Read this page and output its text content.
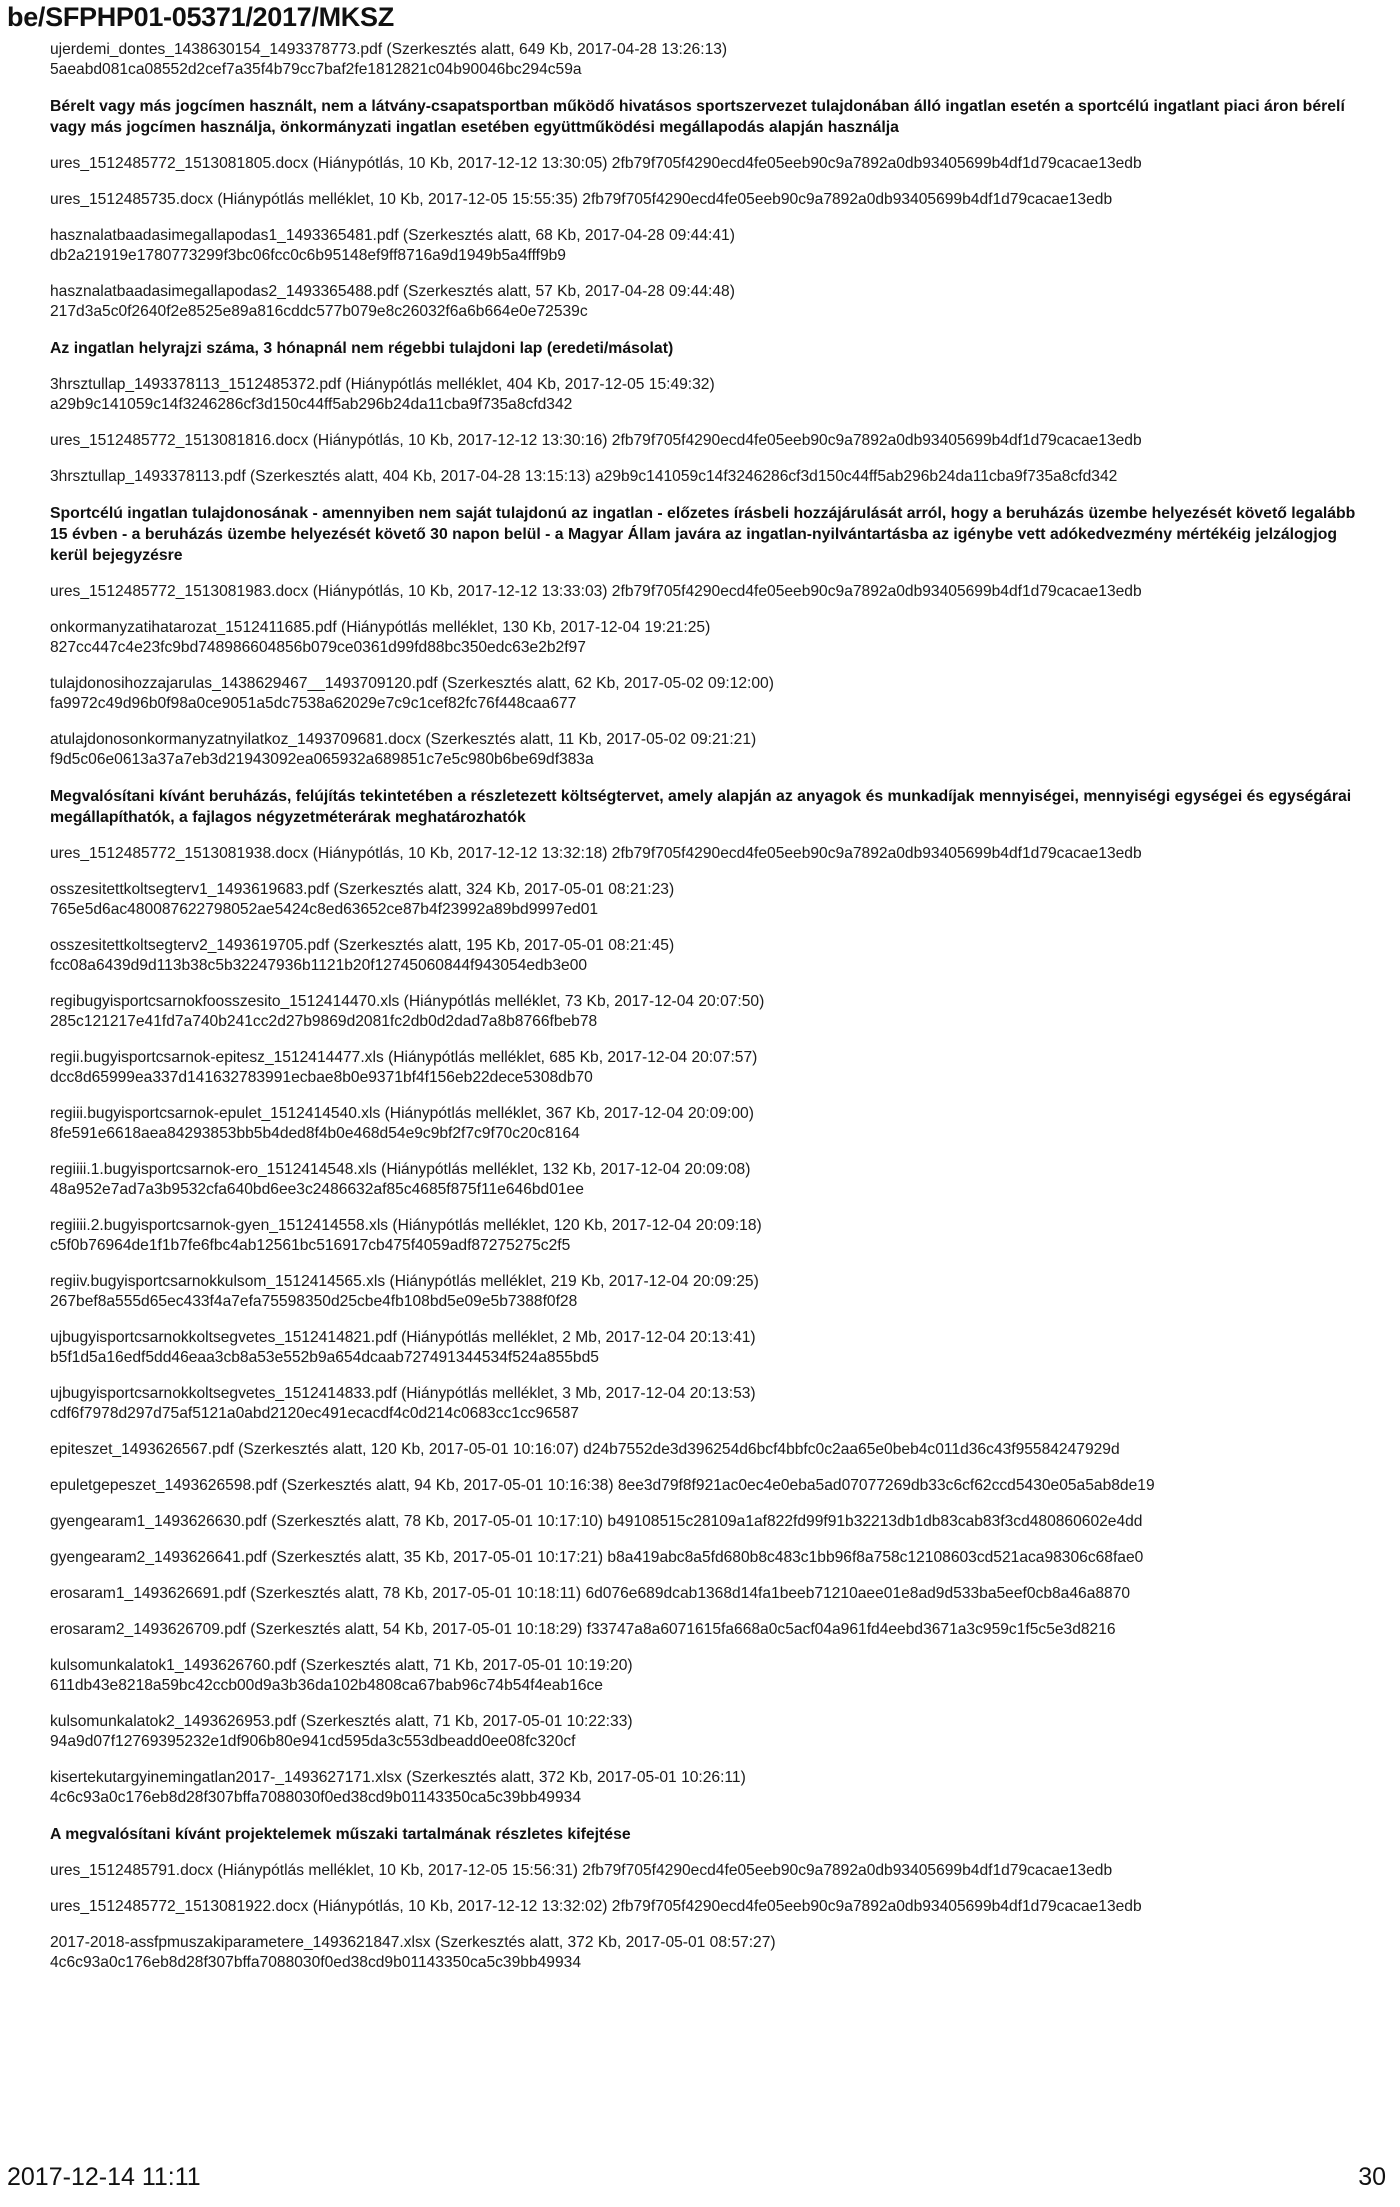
be/SFPHP01-05371/2017/MKSZ
ujerdemi_dontes_1438630154_1493378773.pdf (Szerkesztés alatt, 649 Kb, 2017-04-28 13:26:13)
5aeabd081ca08552d2cef7a35f4b79cc7baf2fe1812821c04b90046bc294c59a
Bérelt vagy más jogcímen használt, nem a látvány-csapatsportban működő hivatásos sportszervezet tulajdonában álló ingatlan esetén a sportcélú ingatlant piaci áron bérelí vagy más jogcímen használja, önkormányzati ingatlan esetében együttműködési megállapodás alapján használja
ures_1512485772_1513081805.docx (Hiánypótlás, 10 Kb, 2017-12-12 13:30:05) 2fb79f705f4290ecd4fe05eeb90c9a7892a0db93405699b4df1d79cacae13edb
ures_1512485735.docx (Hiánypótlás melléklet, 10 Kb, 2017-12-05 15:55:35) 2fb79f705f4290ecd4fe05eeb90c9a7892a0db93405699b4df1d79cacae13edb
hasznalatbaadasimegallapodas1_1493365481.pdf (Szerkesztés alatt, 68 Kb, 2017-04-28 09:44:41)
db2a21919e1780773299f3bc06fcc0c6b95148ef9ff8716a9d1949b5a4fff9b9
hasznalatbaadasimegallapodas2_1493365488.pdf (Szerkesztés alatt, 57 Kb, 2017-04-28 09:44:48)
217d3a5c0f2640f2e8525e89a816cddc577b079e8c26032f6a6b664e0e72539c
Az ingatlan helyrajzi száma, 3 hónapnál nem régebbi tulajdoni lap (eredeti/másolat)
3hrsztullap_1493378113_1512485372.pdf (Hiánypótlás melléklet, 404 Kb, 2017-12-05 15:49:32)
a29b9c141059c14f3246286cf3d150c44ff5ab296b24da11cba9f735a8cfd342
ures_1512485772_1513081816.docx (Hiánypótlás, 10 Kb, 2017-12-12 13:30:16) 2fb79f705f4290ecd4fe05eeb90c9a7892a0db93405699b4df1d79cacae13edb
3hrsztullap_1493378113.pdf (Szerkesztés alatt, 404 Kb, 2017-04-28 13:15:13) a29b9c141059c14f3246286cf3d150c44ff5ab296b24da11cba9f735a8cfd342
Sportcélú ingatlan tulajdonosának - amennyiben nem saját tulajdonú az ingatlan - előzetes írásbeli hozzájárulását arról, hogy a beruházás üzembe helyezését követő legalább 15 évben - a beruházás üzembe helyezését követő 30 napon belül - a Magyar Állam javára az ingatlan-nyilvántartásba az igénybe vett adókedvezmény mértékéig jelzálogjog kerül bejegyzésre
ures_1512485772_1513081983.docx (Hiánypótlás, 10 Kb, 2017-12-12 13:33:03) 2fb79f705f4290ecd4fe05eeb90c9a7892a0db93405699b4df1d79cacae13edb
onkormanyzatihatarozat_1512411685.pdf (Hiánypótlás melléklet, 130 Kb, 2017-12-04 19:21:25)
827cc447c4e23fc9bd748986604856b079ce0361d99fd88bc350edc63e2b2f97
tulajdonosihozzajarulas_1438629467__1493709120.pdf (Szerkesztés alatt, 62 Kb, 2017-05-02 09:12:00)
fa9972c49d96b0f98a0ce9051a5dc7538a62029e7c9c1cef82fc76f448caa677
atulajdonosonkormanyzatnyilatkoz_1493709681.docx (Szerkesztés alatt, 11 Kb, 2017-05-02 09:21:21)
f9d5c06e0613a37a7eb3d21943092ea065932a689851c7e5c980b6be69df383a
Megvalósítani kívánt beruházás, felújítás tekintetében a részletezett költségtervet, amely alapján az anyagok és munkadíjak mennyiségei, mennyiségi egységei és egységárai megállapíthatók, a fajlagos négyzetméterárak meghatározhatók
ures_1512485772_1513081938.docx (Hiánypótlás, 10 Kb, 2017-12-12 13:32:18) 2fb79f705f4290ecd4fe05eeb90c9a7892a0db93405699b4df1d79cacae13edb
osszesitettkoltsegterv1_1493619683.pdf (Szerkesztés alatt, 324 Kb, 2017-05-01 08:21:23)
765e5d6ac480087622798052ae5424c8ed63652ce87b4f23992a89bd9997ed01
osszesitettkoltsegterv2_1493619705.pdf (Szerkesztés alatt, 195 Kb, 2017-05-01 08:21:45)
fcc08a6439d9d113b38c5b32247936b1121b20f12745060844f943054edb3e00
regibugyisportcsarnokfoosszesito_1512414470.xls (Hiánypótlás melléklet, 73 Kb, 2017-12-04 20:07:50)
285c121217e41fd7a740b241cc2d27b9869d2081fc2db0d2dad7a8b8766fbeb78
regii.bugyisportcsarnok-epitesz_1512414477.xls (Hiánypótlás melléklet, 685 Kb, 2017-12-04 20:07:57)
dcc8d65999ea337d141632783991ecbae8b0e9371bf4f156eb22dece5308db70
regiii.bugyisportcsarnok-epulet_1512414540.xls (Hiánypótlás melléklet, 367 Kb, 2017-12-04 20:09:00)
8fe591e6618aea84293853bb5b4ded8f4b0e468d54e9c9bf2f7c9f70c20c8164
regiiii.1.bugyisportcsarnok-ero_1512414548.xls (Hiánypótlás melléklet, 132 Kb, 2017-12-04 20:09:08)
48a952e7ad7a3b9532cfa640bd6ee3c2486632af85c4685f875f11e646bd01ee
regiiii.2.bugyisportcsarnok-gyen_1512414558.xls (Hiánypótlás melléklet, 120 Kb, 2017-12-04 20:09:18)
c5f0b76964de1f1b7fe6fbc4ab12561bc516917cb475f4059adf87275275c2f5
regiiv.bugyisportcsarnokkulsom_1512414565.xls (Hiánypótlás melléklet, 219 Kb, 2017-12-04 20:09:25)
267bef8a555d65ec433f4a7efa75598350d25cbe4fb108bd5e09e5b7388f0f28
ujbugyisportcsarnokkoltsegvetes_1512414821.pdf (Hiánypótlás melléklet, 2 Mb, 2017-12-04 20:13:41)
b5f1d5a16edf5dd46eaa3cb8a53e552b9a654dcaab727491344534f524a855bd5
ujbugyisportcsarnokkoltsegvetes_1512414833.pdf (Hiánypótlás melléklet, 3 Mb, 2017-12-04 20:13:53)
cdf6f7978d297d75af5121a0abd2120ec491ecacdf4c0d214c0683cc1cc96587
epiteszet_1493626567.pdf (Szerkesztés alatt, 120 Kb, 2017-05-01 10:16:07) d24b7552de3d396254d6bcf4bbfc0c2aa65e0beb4c011d36c43f95584247929d
epuletgepeszet_1493626598.pdf (Szerkesztés alatt, 94 Kb, 2017-05-01 10:16:38) 8ee3d79f8f921ac0ec4e0eba5ad07077269db33c6cf62ccd5430e05a5ab8de19
gyengearam1_1493626630.pdf (Szerkesztés alatt, 78 Kb, 2017-05-01 10:17:10) b49108515c28109a1af822fd99f91b32213db1db83cab83f3cd480860602e4dd
gyengearam2_1493626641.pdf (Szerkesztés alatt, 35 Kb, 2017-05-01 10:17:21) b8a419abc8a5fd680b8c483c1bb96f8a758c12108603cd521aca98306c68fae0
erosaram1_1493626691.pdf (Szerkesztés alatt, 78 Kb, 2017-05-01 10:18:11) 6d076e689dcab1368d14fa1beeb71210aee01e8ad9d533ba5eef0cb8a46a8870
erosaram2_1493626709.pdf (Szerkesztés alatt, 54 Kb, 2017-05-01 10:18:29) f33747a8a6071615fa668a0c5acf04a961fd4eebd3671a3c959c1f5c5e3d8216
kulsomunkalatok1_1493626760.pdf (Szerkesztés alatt, 71 Kb, 2017-05-01 10:19:20)
611db43e8218a59bc42ccb00d9a3b36da102b4808ca67bab96c74b54f4eab16ce
kulsomunkalatok2_1493626953.pdf (Szerkesztés alatt, 71 Kb, 2017-05-01 10:22:33)
94a9d07f12769395232e1df906b80e941cd595da3c553dbeadd0ee08fc320cf
kisertekutargyinemingatlan2017-_1493627171.xlsx (Szerkesztés alatt, 372 Kb, 2017-05-01 10:26:11)
4c6c93a0c176eb8d28f307bffa7088030f0ed38cd9b01143350ca5c39bb49934
A megvalósítani kívánt projektelemek műszaki tartalmának részletes kifejtése
ures_1512485791.docx (Hiánypótlás melléklet, 10 Kb, 2017-12-05 15:56:31) 2fb79f705f4290ecd4fe05eeb90c9a7892a0db93405699b4df1d79cacae13edb
ures_1512485772_1513081922.docx (Hiánypótlás, 10 Kb, 2017-12-12 13:32:02) 2fb79f705f4290ecd4fe05eeb90c9a7892a0db93405699b4df1d79cacae13edb
2017-2018-assfpmuszakiparametere_1493621847.xlsx (Szerkesztés alatt, 372 Kb, 2017-05-01 08:57:27)
4c6c93a0c176eb8d28f307bffa7088030f0ed38cd9b01143350ca5c39bb49934
2017-12-14 11:11	30
